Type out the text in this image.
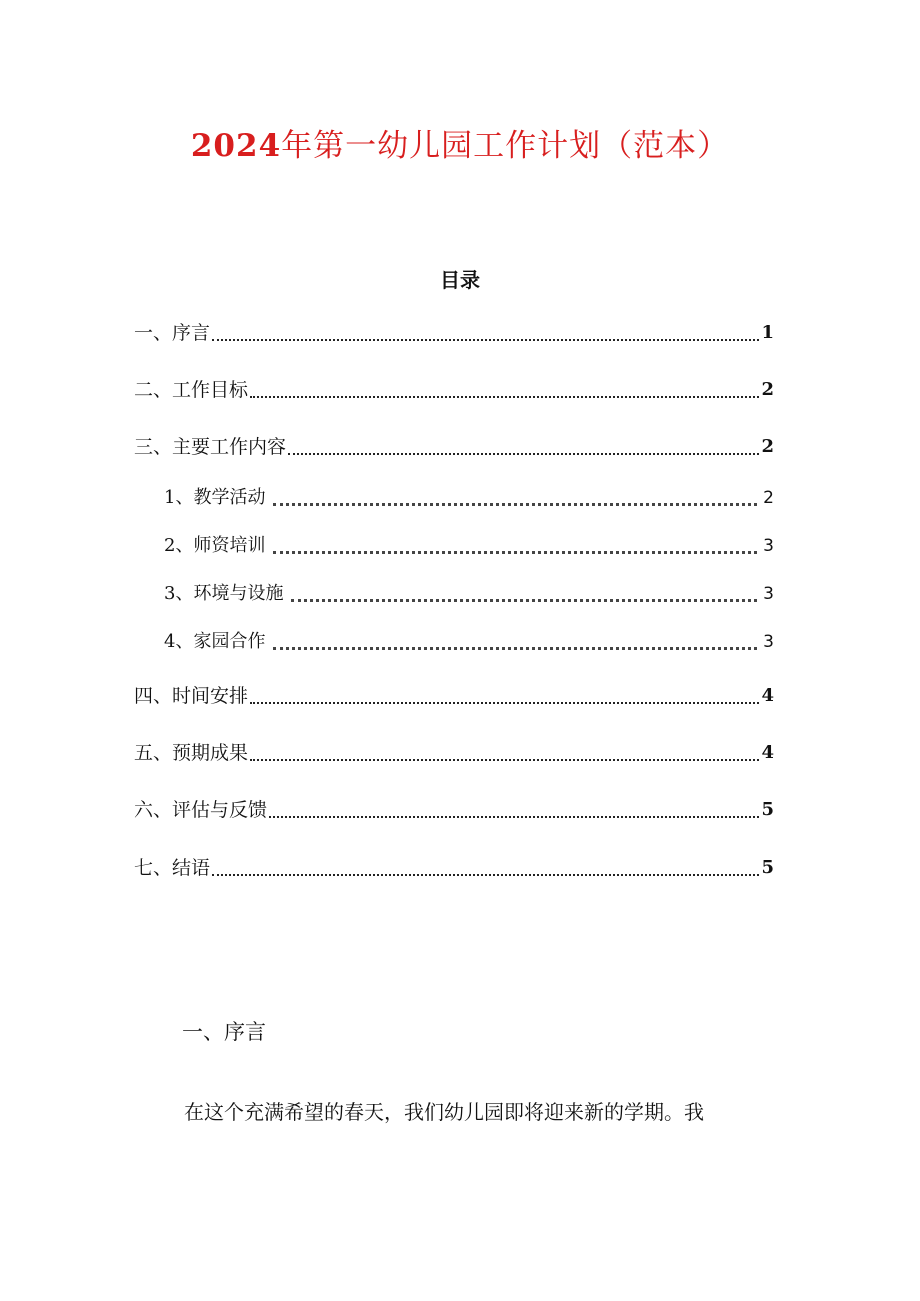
2024年第一幼儿园工作计划（范本）
目录
一、序言	1
二、工作目标	2
三、主要工作内容	2
1、教学活动	2
2、师资培训	3
3、环境与设施	3
4、家园合作	3
四、时间安排	4
五、预期成果	4
六、评估与反馈	5
七、结语	5
一、序言

在这个充满希望的春天，我们幼儿园即将迎来新的学期。我
